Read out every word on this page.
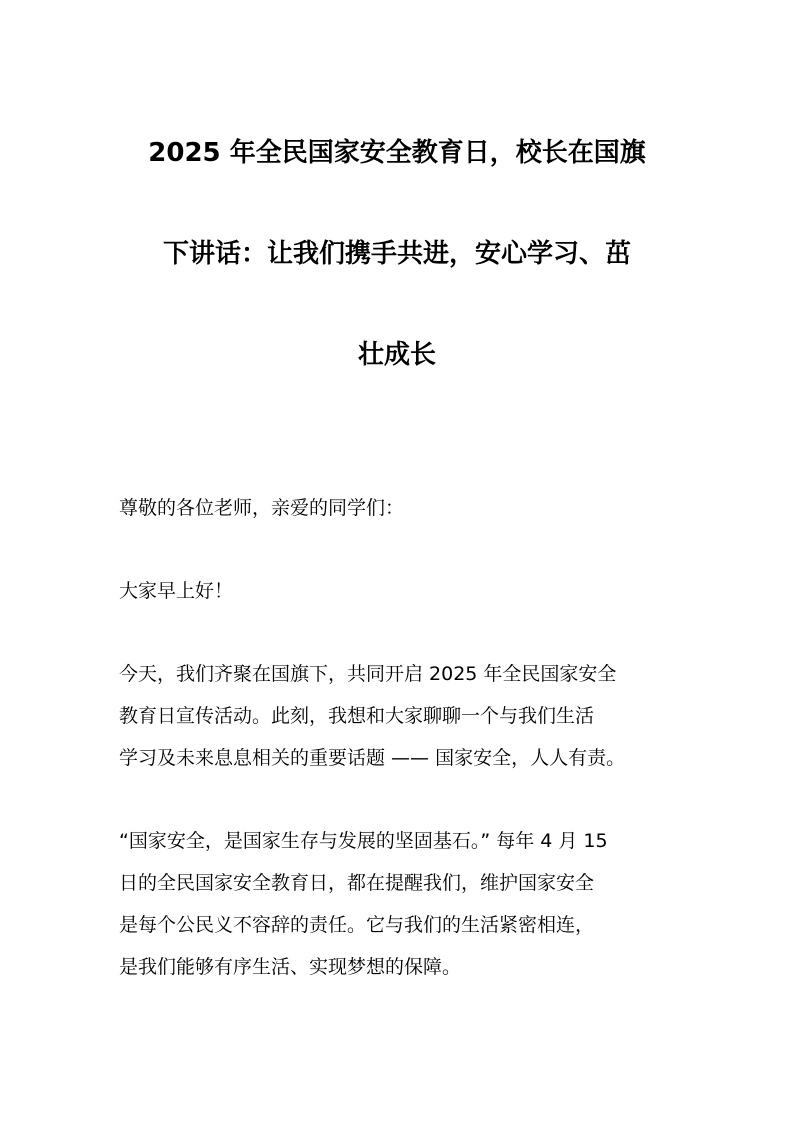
2025 年全民国家安全教育日，校长在国旗
下讲话：让我们携手共进，安心学习、茁
壮成长

尊敬的各位老师，亲爱的同学们：

大家早上好！

今天，我们齐聚在国旗下，共同开启 2025 年全民国家安全
教育日宣传活动。此刻，我想和大家聊聊一个与我们生活
学习及未来息息相关的重要话题 —— 国家安全，人人有责。

“国家安全，是国家生存与发展的坚固基石。” 每年 4 月 15
日的全民国家安全教育日，都在提醒我们，维护国家安全
是每个公民义不容辞的责任。它与我们的生活紧密相连，
是我们能够有序生活、实现梦想的保障。
